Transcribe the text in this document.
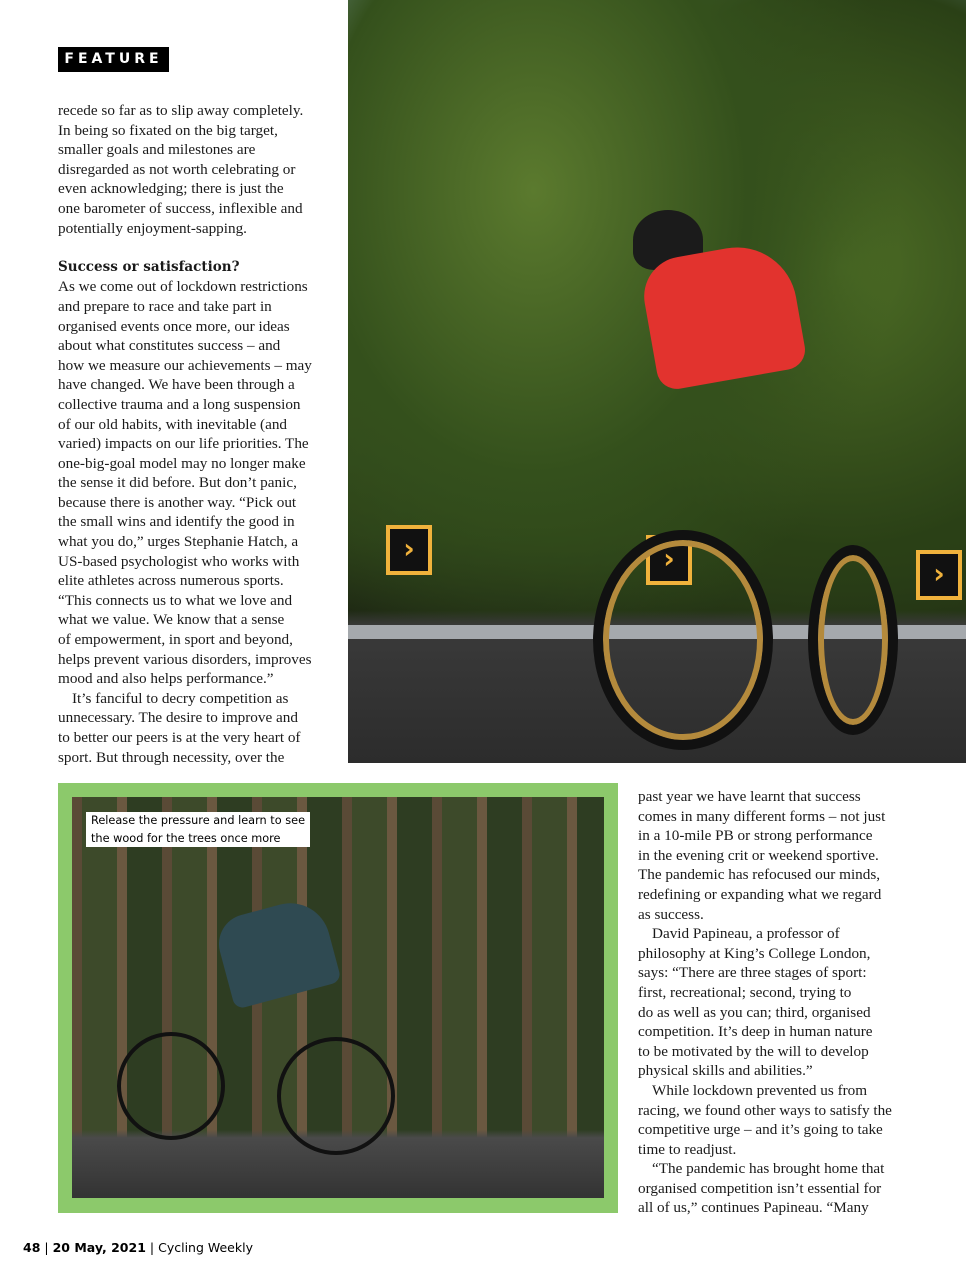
FEATURE
recede so far as to slip away completely.
In being so fixated on the big target,
smaller goals and milestones are
disregarded as not worth celebrating or
even acknowledging; there is just the
one barometer of success, inflexible and
potentially enjoyment-sapping.
Success or satisfaction?
As we come out of lockdown restrictions
and prepare to race and take part in
organised events once more, our ideas
about what constitutes success – and
how we measure our achievements – may
have changed. We have been through a
collective trauma and a long suspension
of our old habits, with inevitable (and
varied) impacts on our life priorities. The
one-big-goal model may no longer make
the sense it did before. But don’t panic,
because there is another way. “Pick out
the small wins and identify the good in
what you do,” urges Stephanie Hatch, a
US-based psychologist who works with
elite athletes across numerous sports.
“This connects us to what we love and
what we value. We know that a sense
of empowerment, in sport and beyond,
helps prevent various disorders, improves
mood and also helps performance.”
It’s fanciful to decry competition as
unnecessary. The desire to improve and
to better our peers is at the very heart of
sport. But through necessity, over the
›	›	›
Release the pressure and learn to see
the wood for the trees once more
past year we have learnt that success
comes in many different forms – not just
in a 10-mile PB or strong performance
in the evening crit or weekend sportive.
The pandemic has refocused our minds,
redefining or expanding what we regard
as success.
David Papineau, a professor of
philosophy at King’s College London,
says: “There are three stages of sport:
first, recreational; second, trying to
do as well as you can; third, organised
competition. It’s deep in human nature
to be motivated by the will to develop
physical skills and abilities.”
While lockdown prevented us from
racing, we found other ways to satisfy the
competitive urge – and it’s going to take
time to readjust.
“The pandemic has brought home that
organised competition isn’t essential for
all of us,” continues Papineau. “Many
48 | 20 May, 2021 | Cycling Weekly
